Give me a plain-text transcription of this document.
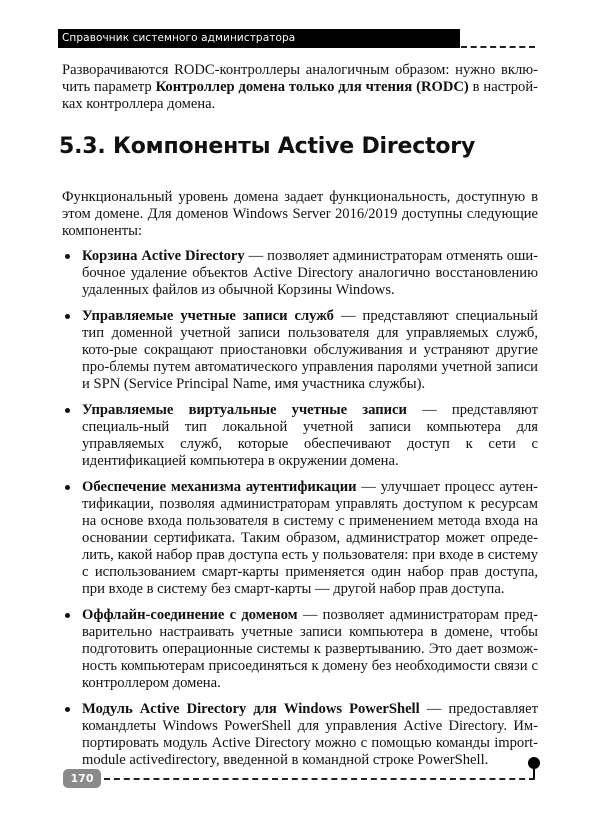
Справочник системного администратора

Разворачиваются RODC-контроллеры аналогичным образом: нужно вклю-чить параметр Контроллер домена только для чтения (RODC) в настрой-ках контроллера домена.

5.3. Компоненты Active Directory

Функциональный уровень домена задает функциональность, доступную в этом домене. Для доменов Windows Server 2016/2019 доступны следующие компоненты:

Корзина Active Directory — позволяет администраторам отменять оши-бочное удаление объектов Active Directory аналогично восстановлению удаленных файлов из обычной Корзины Windows.
Управляемые учетные записи служб — представляют специальный тип доменной учетной записи пользователя для управляемых служб, кото-рые сокращают приостановки обслуживания и устраняют другие про-блемы путем автоматического управления паролями учетной записи и SPN (Service Principal Name, имя участника службы).
Управляемые виртуальные учетные записи — представляют специаль-ный тип локальной учетной записи компьютера для управляемых служб, которые обеспечивают доступ к сети с идентификацией компьютера в окружении домена.
Обеспечение механизма аутентификации — улучшает процесс аутен-тификации, позволяя администраторам управлять доступом к ресурсам на основе входа пользователя в систему с применением метода входа на основании сертификата. Таким образом, администратор может опреде-лить, какой набор прав доступа есть у пользователя: при входе в систему с использованием смарт-карты применяется один набор прав доступа, при входе в систему без смарт-карты — другой набор прав доступа.
Оффлайн-соединение с доменом — позволяет администраторам пред-варительно настраивать учетные записи компьютера в домене, чтобы подготовить операционные системы к развертыванию. Это дает возмож-ность компьютерам присоединяться к домену без необходимости связи с контроллером домена.
Модуль Active Directory для Windows PowerShell — предоставляет командлеты Windows PowerShell для управления Active Directory. Им-портировать модуль Active Directory можно с помощью команды import-module activedirectory, введенной в командной строке PowerShell.
170
